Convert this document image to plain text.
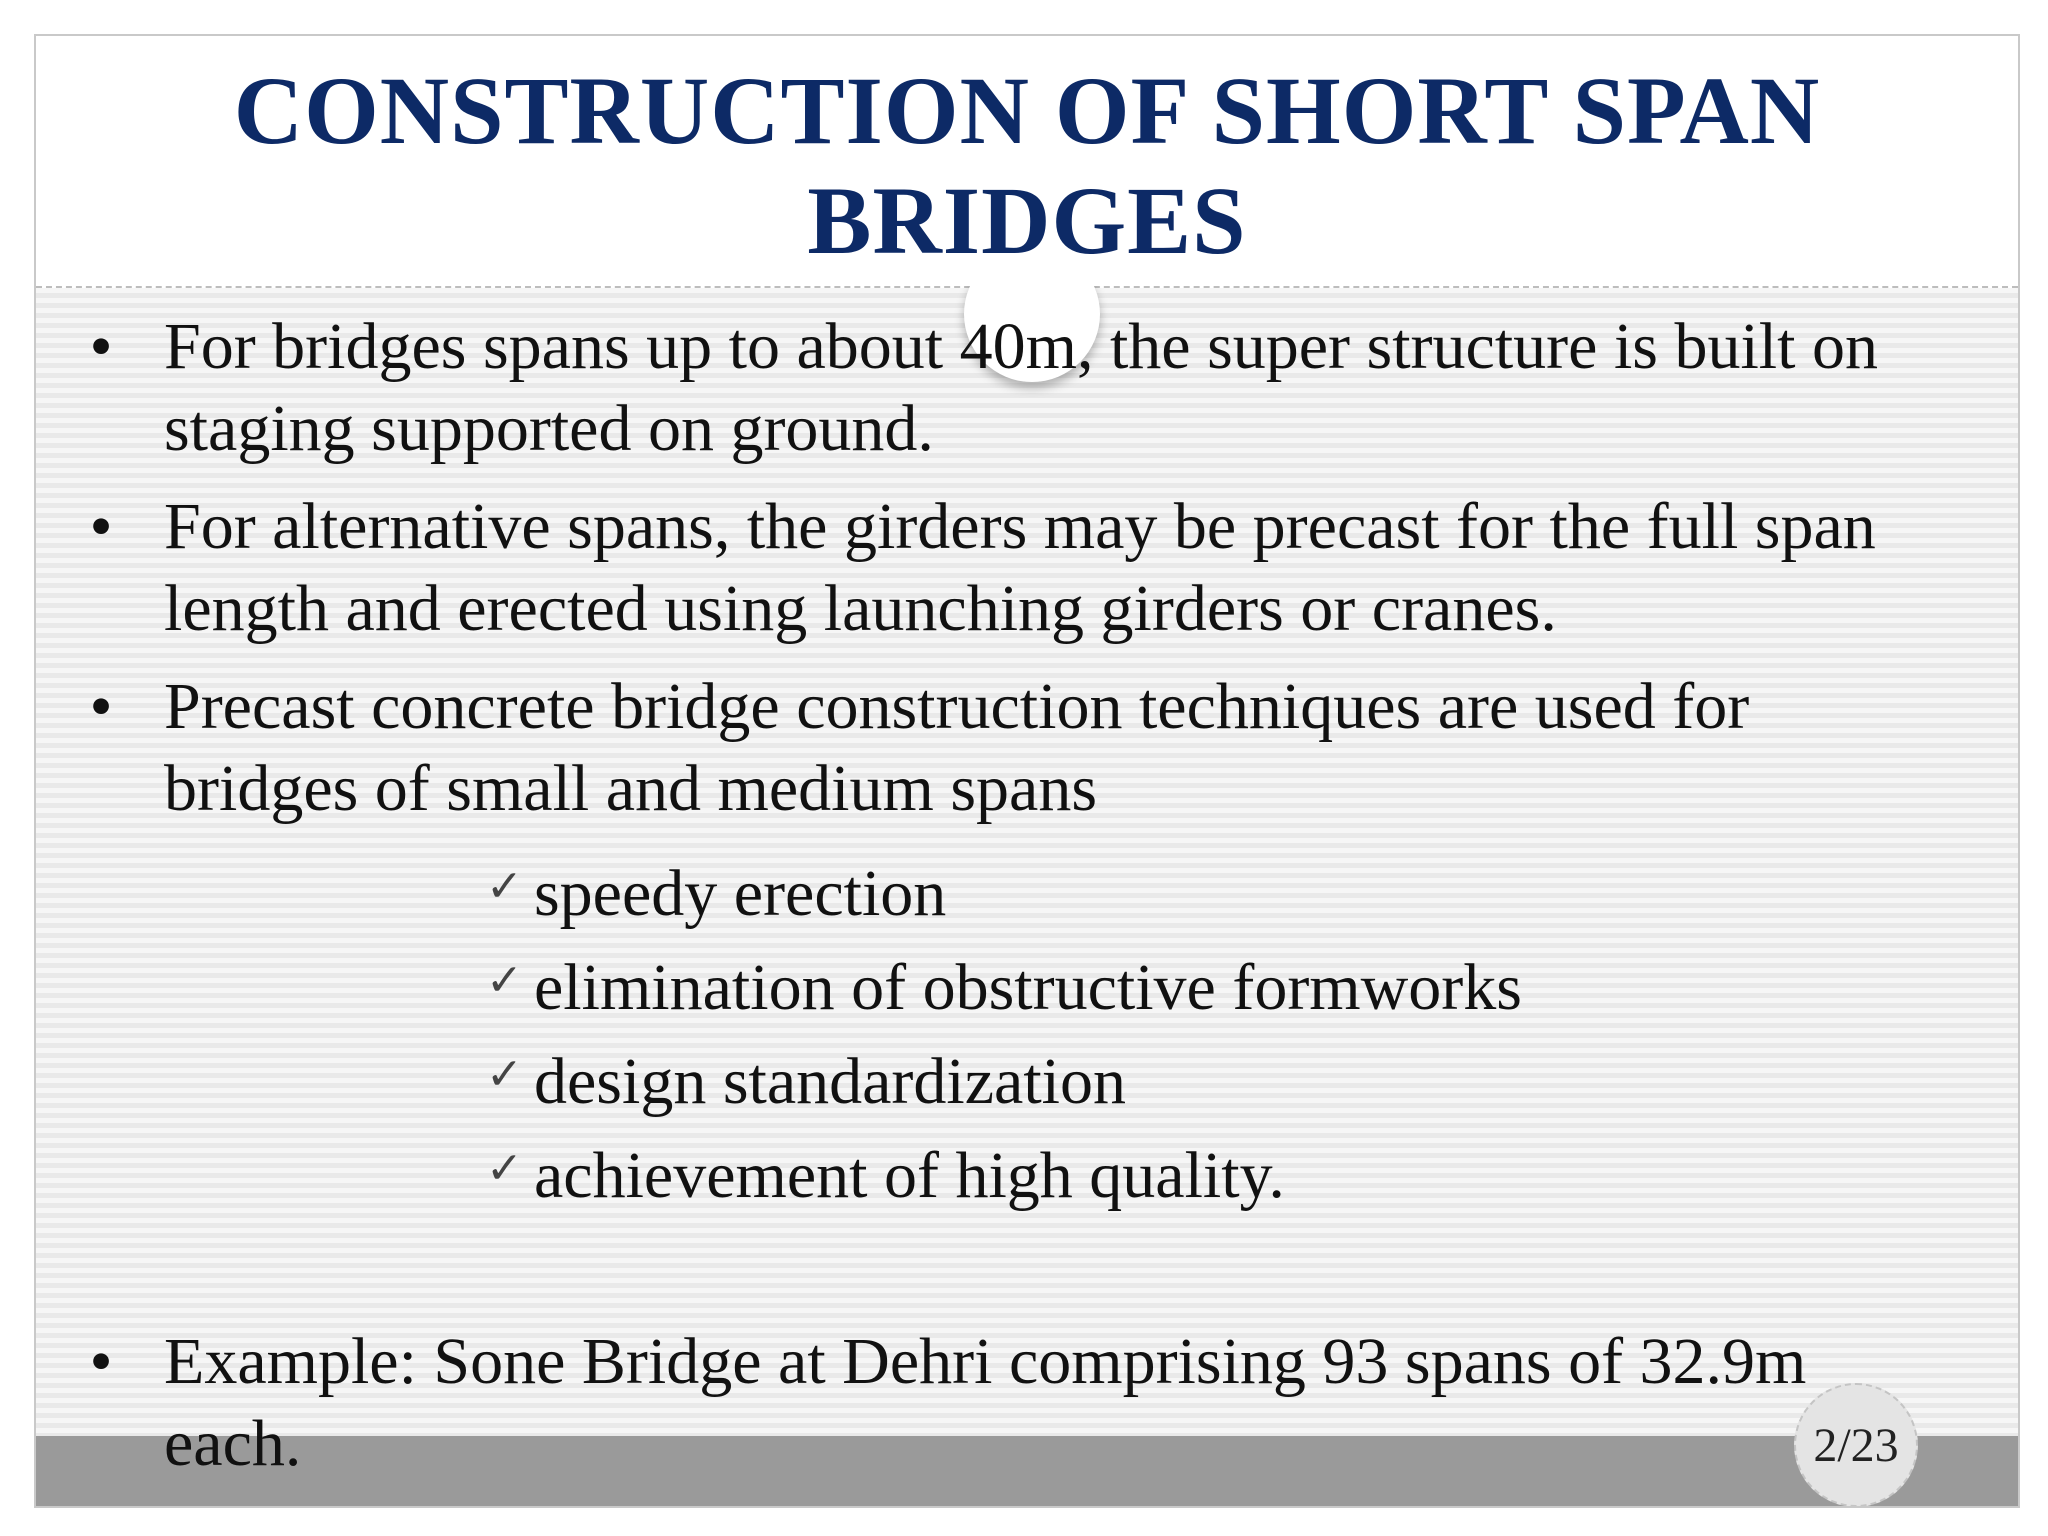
CONSTRUCTION OF SHORT SPAN
BRIDGES
• For bridges spans up to about 40m, the super structure is built on
staging supported on ground.
• For alternative spans, the girders may be precast for the full span
length and erected using launching girders or cranes.
• Precast concrete bridge construction techniques are used for
bridges of small and medium spans
✓ speedy erection
✓ elimination of obstructive formworks
✓ design standardization
✓ achievement of high quality.
• Example: Sone Bridge at Dehri comprising 93 spans of 32.9m
each.	2/23
